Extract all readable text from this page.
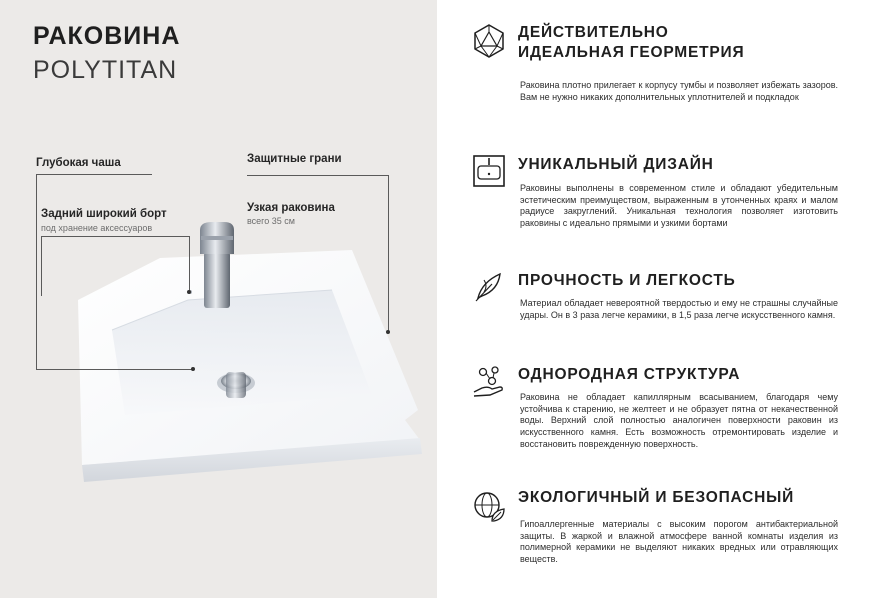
РАКОВИНА
POLYTITAN
Глубокая чаша
Задний широкий борт
под хранение аксессуаров
Защитные грани
Узкая раковина
всего 35 см
ДЕЙСТВИТЕЛЬНО
ИДЕАЛЬНАЯ ГЕОРМЕТРИЯ
Раковина плотно прилегает к корпусу тумбы и позволяет избежать зазоров. Вам не нужно никаких дополнительных уплотнителей и подкладок
УНИКАЛЬНЫЙ ДИЗАЙН
Раковины выполнены в современном стиле и обладают убедительным эстетическим преимуществом, выраженным в утонченных краях и малом радиусе закруглений. Уникальная технология позволяет изготовить раковины с идеально прямыми и узкими бортами
ПРОЧНОСТЬ И ЛЕГКОСТЬ
Материал обладает невероятной твердостью и ему не страшны случайные удары. Он в 3 раза легче керамики, в 1,5 раза легче искусственного камня.
ОДНОРОДНАЯ СТРУКТУРА
Раковина не обладает капиллярным всасыванием, благодаря чему устойчива к старению, не желтеет и не образует пятна от некачественной воды. Верхний слой полностью аналогичен поверхности раковин из искусственного камня. Есть возможность отремонтировать изделие и восстановить поврежденную поверхность.
ЭКОЛОГИЧНЫЙ И БЕЗОПАСНЫЙ
Гипоаллергенные материалы с высоким порогом антибактериальной защиты. В жаркой и влажной атмосфере ванной комнаты изделия из полимерной керамики не выделяют никаких вредных или отравляющих веществ.
